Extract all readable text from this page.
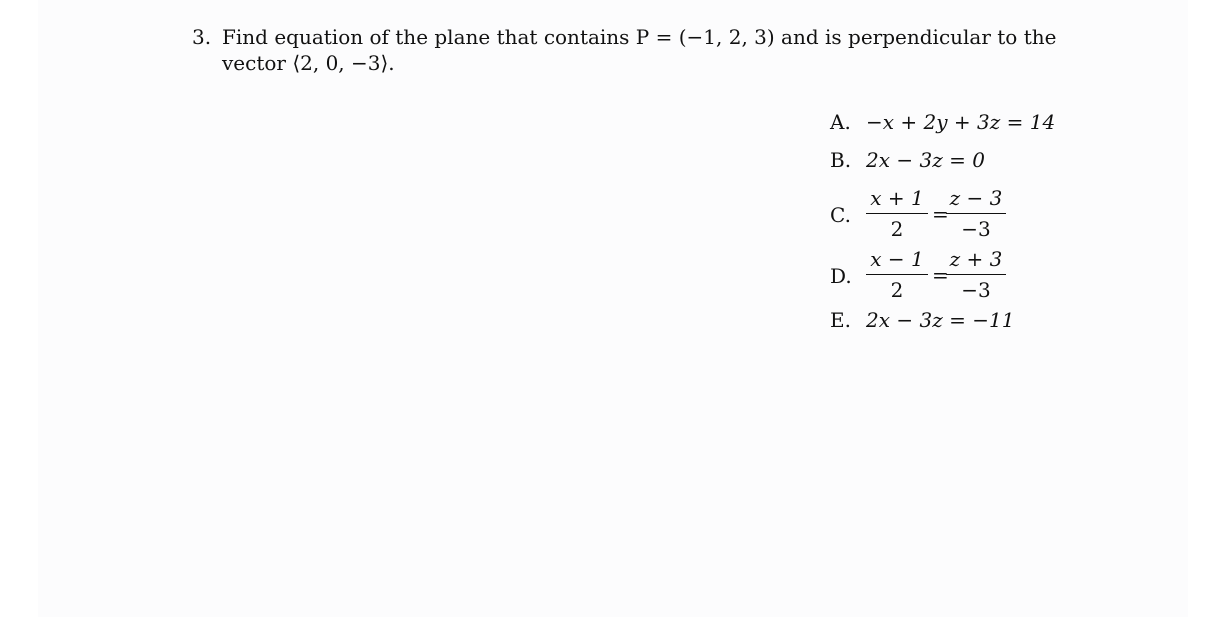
3. Find equation of the plane that contains P = (−1, 2, 3) and is perpendicular to the
vector ⟨2, 0, −3⟩.
A. −x + 2y + 3z = 14
B. 2x − 3z = 0
C.
x + 1
2
=
z − 3
−3
D.
x − 1
2
=
z + 3
−3
E. 2x − 3z = −11
